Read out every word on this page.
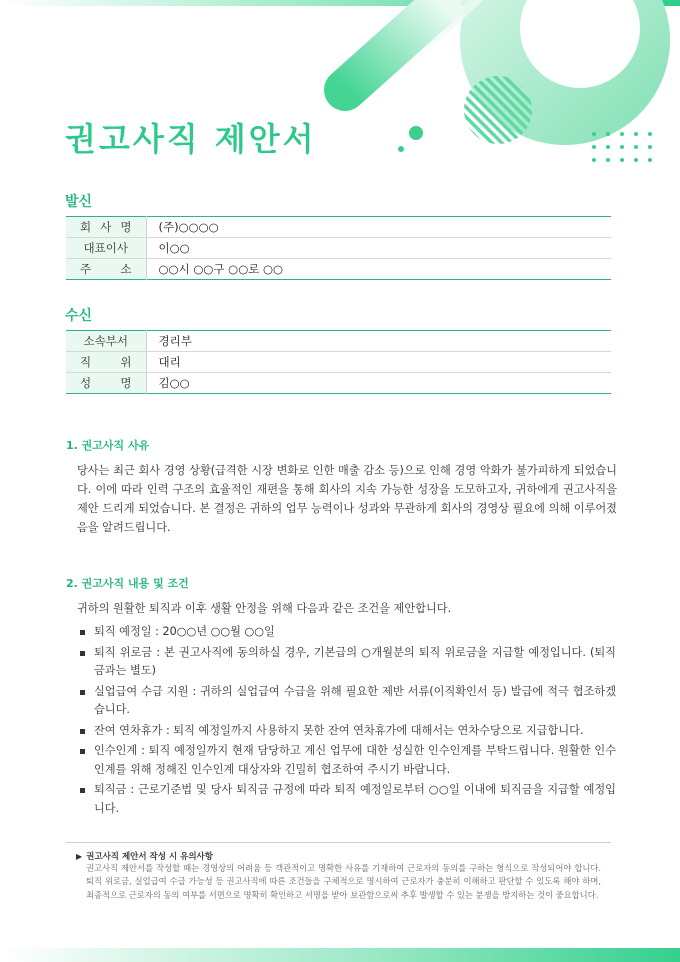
권고사직 제안서
발신
회 사 명	(주)○○○○
대표이사	이○○
주 소	○○시 ○○구 ○○로 ○○
수신
소속부서	경리부
직 위	대리
성 명	김○○
1. 권고사직 사유

당사는 최근 회사 경영 상황(급격한 시장 변화로 인한 매출 감소 등)으로 인해 경영 악화가 불가피하게 되었습니다. 이에 따라 인력 구조의 효율적인 재편을 통해 회사의 지속 가능한 성장을 도모하고자, 귀하에게 권고사직을 제안 드리게 되었습니다. 본 결정은 귀하의 업무 능력이나 성과와 무관하게 회사의 경영상 필요에 의해 이루어졌음을 알려드립니다.

2. 권고사직 내용 및 조건

귀하의 원활한 퇴직과 이후 생활 안정을 위해 다음과 같은 조건을 제안합니다.

퇴직 예정일 : 20○○년 ○○월 ○○일
퇴직 위로금 : 본 권고사직에 동의하실 경우, 기본급의 ○개월분의 퇴직 위로금을 지급할 예정입니다. (퇴직금과는 별도)
실업급여 수급 지원 : 귀하의 실업급여 수급을 위해 필요한 제반 서류(이직확인서 등) 발급에 적극 협조하겠습니다.
잔여 연차휴가 : 퇴직 예정일까지 사용하지 못한 잔여 연차휴가에 대해서는 연차수당으로 지급합니다.
인수인계 : 퇴직 예정일까지 현재 담당하고 계신 업무에 대한 성실한 인수인계를 부탁드립니다. 원활한 인수인계를 위해 정해진 인수인계 대상자와 긴밀히 협조하여 주시기 바랍니다.
퇴직금 : 근로기준법 및 당사 퇴직금 규정에 따라 퇴직 예정일로부터 ○○일 이내에 퇴직금을 지급할 예정입니다.

▶ 권고사직 제안서 작성 시 유의사항

권고사직 제안서를 작성할 때는 경영상의 어려움 등 객관적이고 명확한 사유를 기재하여 근로자의 동의를 구하는 형식으로 작성되어야 합니다. 퇴직 위로금, 실업급여 수급 가능성 등 권고사직에 따른 조건들을 구체적으로 명시하여 근로자가 충분히 이해하고 판단할 수 있도록 해야 하며, 최종적으로 근로자의 동의 여부를 서면으로 명확히 확인하고 서명을 받아 보관함으로써 추후 발생할 수 있는 분쟁을 방지하는 것이 중요합니다.
